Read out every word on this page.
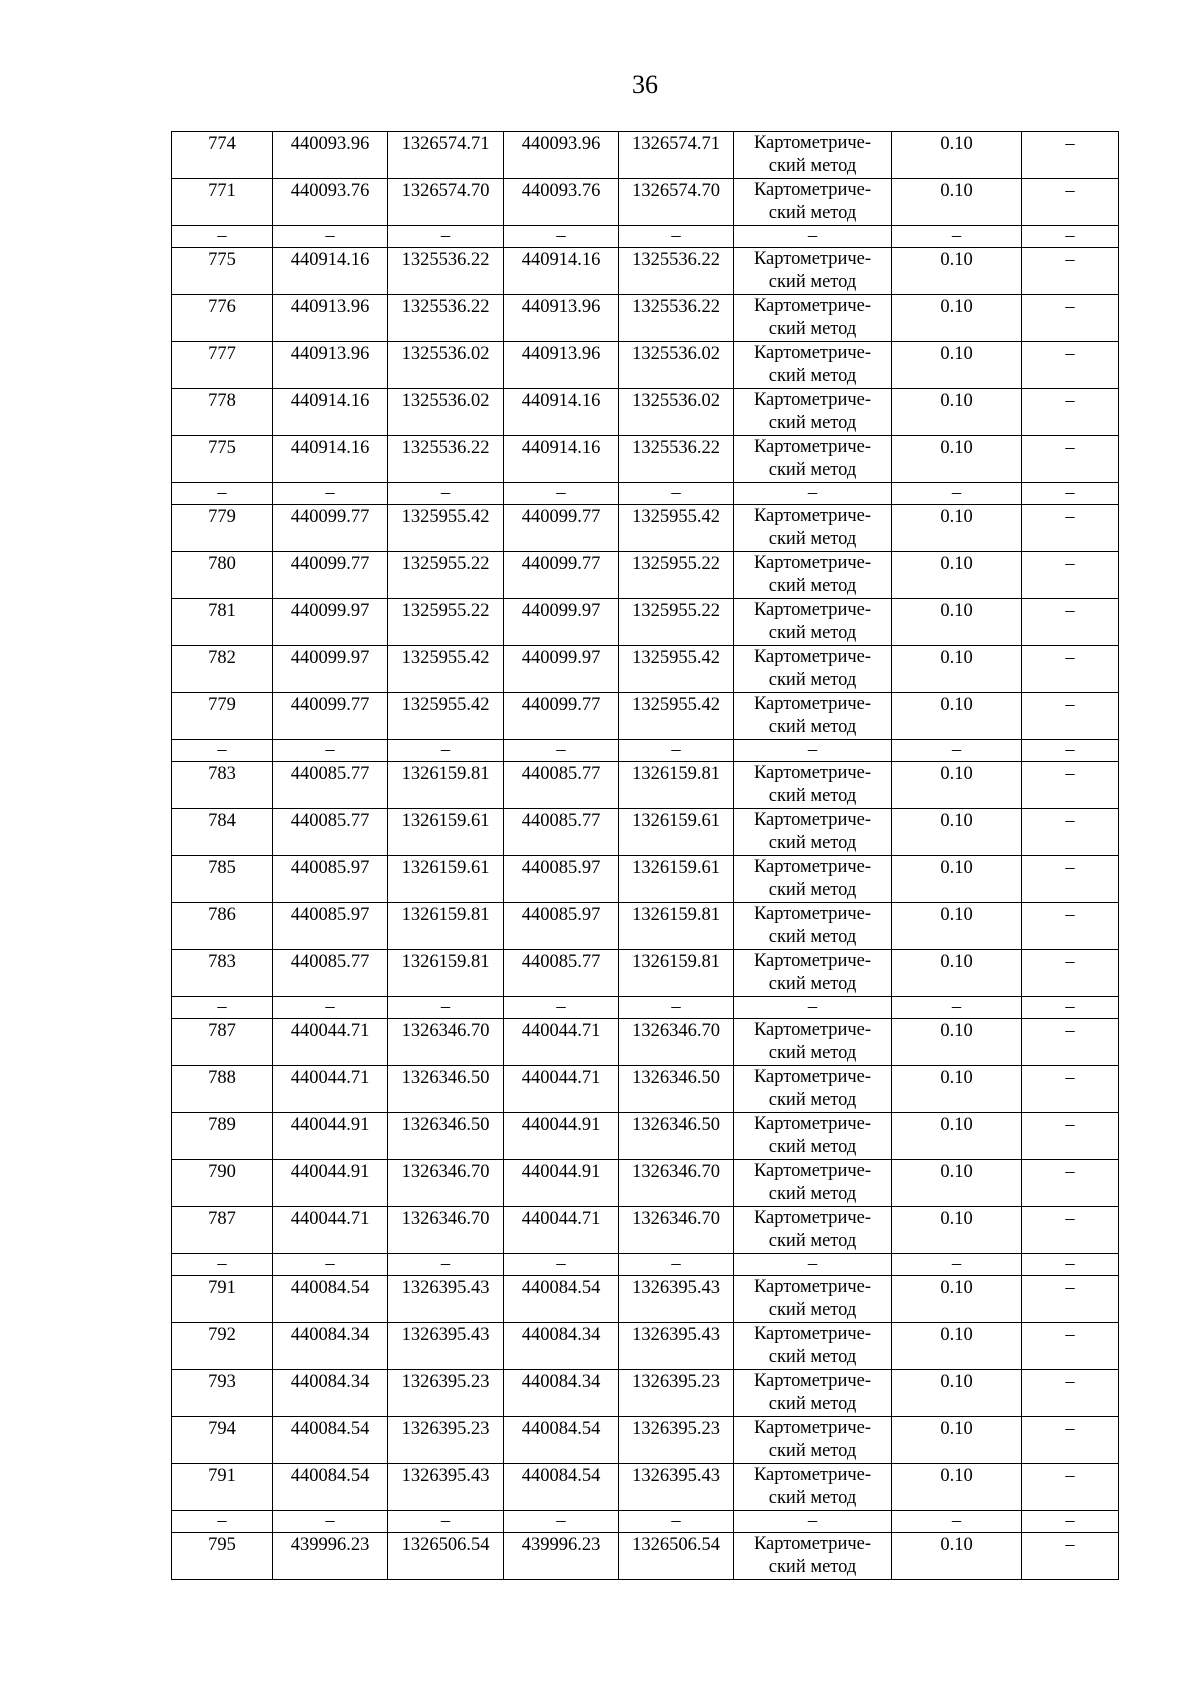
36
774	440093.96	1326574.71	440093.96	1326574.71	Картометриче-
ский метод	0.10	–
771	440093.76	1326574.70	440093.76	1326574.70	Картометриче-
ский метод	0.10	–
–	–	–	–	–	–	–	–
775	440914.16	1325536.22	440914.16	1325536.22	Картометриче-
ский метод	0.10	–
776	440913.96	1325536.22	440913.96	1325536.22	Картометриче-
ский метод	0.10	–
777	440913.96	1325536.02	440913.96	1325536.02	Картометриче-
ский метод	0.10	–
778	440914.16	1325536.02	440914.16	1325536.02	Картометриче-
ский метод	0.10	–
775	440914.16	1325536.22	440914.16	1325536.22	Картометриче-
ский метод	0.10	–
–	–	–	–	–	–	–	–
779	440099.77	1325955.42	440099.77	1325955.42	Картометриче-
ский метод	0.10	–
780	440099.77	1325955.22	440099.77	1325955.22	Картометриче-
ский метод	0.10	–
781	440099.97	1325955.22	440099.97	1325955.22	Картометриче-
ский метод	0.10	–
782	440099.97	1325955.42	440099.97	1325955.42	Картометриче-
ский метод	0.10	–
779	440099.77	1325955.42	440099.77	1325955.42	Картометриче-
ский метод	0.10	–
–	–	–	–	–	–	–	–
783	440085.77	1326159.81	440085.77	1326159.81	Картометриче-
ский метод	0.10	–
784	440085.77	1326159.61	440085.77	1326159.61	Картометриче-
ский метод	0.10	–
785	440085.97	1326159.61	440085.97	1326159.61	Картометриче-
ский метод	0.10	–
786	440085.97	1326159.81	440085.97	1326159.81	Картометриче-
ский метод	0.10	–
783	440085.77	1326159.81	440085.77	1326159.81	Картометриче-
ский метод	0.10	–
–	–	–	–	–	–	–	–
787	440044.71	1326346.70	440044.71	1326346.70	Картометриче-
ский метод	0.10	–
788	440044.71	1326346.50	440044.71	1326346.50	Картометриче-
ский метод	0.10	–
789	440044.91	1326346.50	440044.91	1326346.50	Картометриче-
ский метод	0.10	–
790	440044.91	1326346.70	440044.91	1326346.70	Картометриче-
ский метод	0.10	–
787	440044.71	1326346.70	440044.71	1326346.70	Картометриче-
ский метод	0.10	–
–	–	–	–	–	–	–	–
791	440084.54	1326395.43	440084.54	1326395.43	Картометриче-
ский метод	0.10	–
792	440084.34	1326395.43	440084.34	1326395.43	Картометриче-
ский метод	0.10	–
793	440084.34	1326395.23	440084.34	1326395.23	Картометриче-
ский метод	0.10	–
794	440084.54	1326395.23	440084.54	1326395.23	Картометриче-
ский метод	0.10	–
791	440084.54	1326395.43	440084.54	1326395.43	Картометриче-
ский метод	0.10	–
–	–	–	–	–	–	–	–
795	439996.23	1326506.54	439996.23	1326506.54	Картометриче-
ский метод	0.10	–
